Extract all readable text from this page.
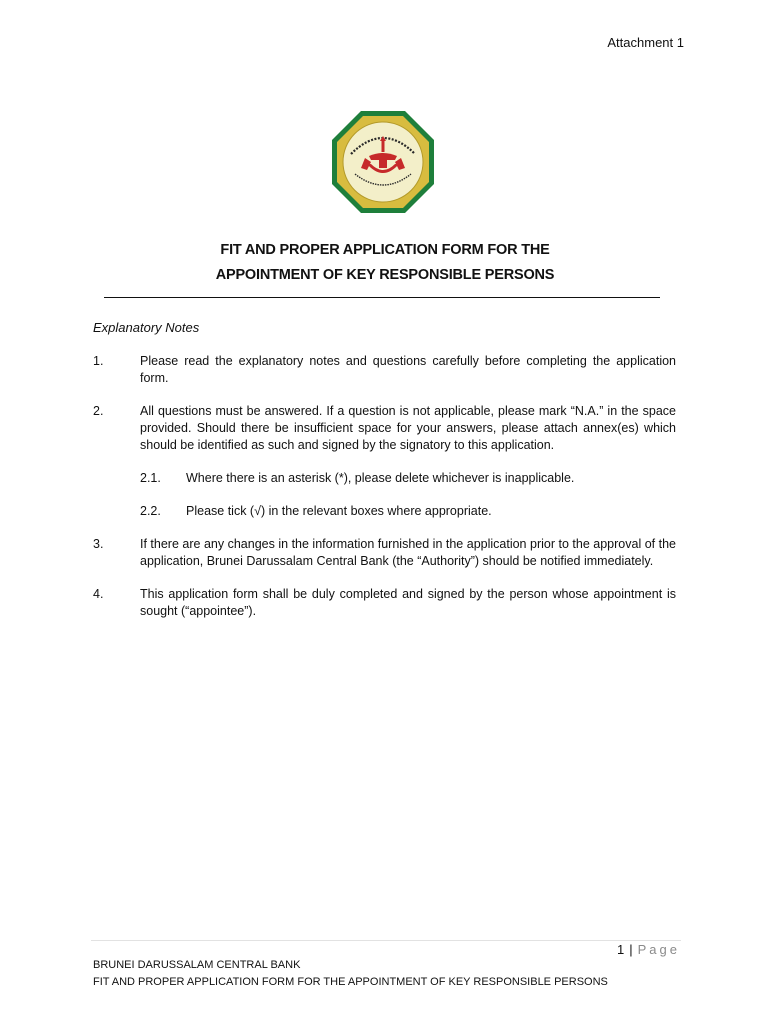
Attachment 1
FIT AND PROPER APPLICATION FORM FOR THE
APPOINTMENT OF KEY RESPONSIBLE PERSONS
Explanatory Notes
1.	Please read the explanatory notes and questions carefully before completing the application form.
2.	All questions must be answered. If a question is not applicable, please mark “N.A.” in the space provided. Should there be insufficient space for your answers, please attach annex(es) which should be identified as such and signed by the signatory to this application.
2.1.	Where there is an asterisk (*), please delete whichever is inapplicable.
2.2.	Please tick (√) in the relevant boxes where appropriate.
3.	If there are any changes in the information furnished in the application prior to the approval of the application, Brunei Darussalam Central Bank (the “Authority”) should be notified immediately.
4.	This application form shall be duly completed and signed by the person whose appointment is sought (“appointee”).
1 | Page
BRUNEI DARUSSALAM CENTRAL BANK
FIT AND PROPER APPLICATION FORM FOR THE APPOINTMENT OF KEY RESPONSIBLE PERSONS
